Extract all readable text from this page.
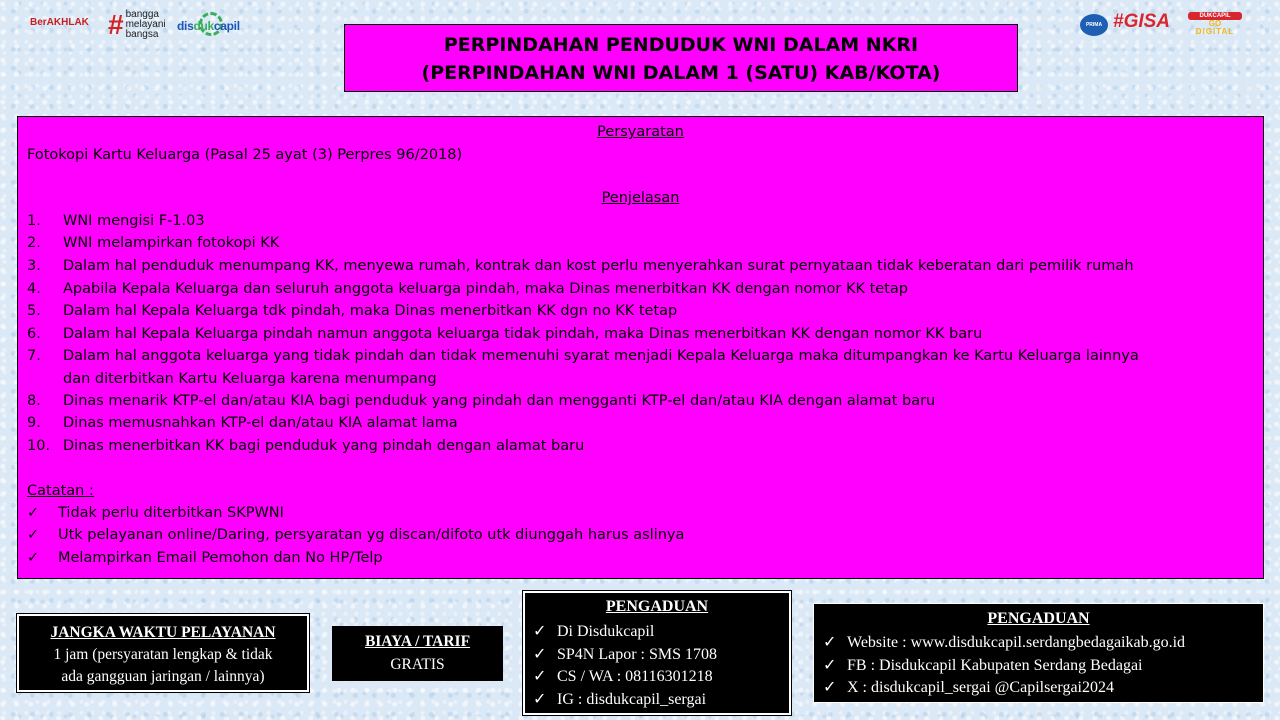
BerAKHLAK # bangga
melayani
bangsa
disdukcapil	PRIMA #GISA	DUKCAPIL
GO
DIGITAL
PERPINDAHAN PENDUDUK WNI DALAM NKRI
(PERPINDAHAN WNI DALAM 1 (SATU) KAB/KOTA)
Persyaratan
Fotokopi Kartu Keluarga (Pasal 25 ayat (3) Perpres 96/2018)
Penjelasan
1. WNI mengisi F-1.03
2. WNI melampirkan fotokopi KK
3. Dalam hal penduduk menumpang KK, menyewa rumah, kontrak dan kost perlu menyerahkan surat pernyataan tidak keberatan dari pemilik rumah
4. Apabila Kepala Keluarga dan seluruh anggota keluarga pindah, maka Dinas menerbitkan KK dengan nomor KK tetap
5. Dalam hal Kepala Keluarga tdk pindah, maka Dinas menerbitkan KK dgn no KK tetap
6. Dalam hal Kepala Keluarga pindah namun anggota keluarga tidak pindah, maka Dinas menerbitkan KK dengan nomor KK baru
7. Dalam hal anggota keluarga yang tidak pindah dan tidak memenuhi syarat menjadi Kepala Keluarga maka ditumpangkan ke Kartu Keluarga lainnya
dan diterbitkan Kartu Keluarga karena menumpang
8. Dinas menarik KTP-el dan/atau KIA bagi penduduk yang pindah dan mengganti KTP-el dan/atau KIA dengan alamat baru
9. Dinas memusnahkan KTP-el dan/atau KIA alamat lama
10. Dinas menerbitkan KK bagi penduduk yang pindah dengan alamat baru
Catatan :
✓ Tidak perlu diterbitkan SKPWNI
✓ Utk pelayanan online/Daring, persyaratan yg discan/difoto utk diunggah harus aslinya
✓ Melampirkan Email Pemohon dan No HP/Telp
JANGKA WAKTU PELAYANAN
1 jam (persyaratan lengkap & tidak
ada gangguan jaringan / lainnya)
BIAYA / TARIF
GRATIS
PENGADUAN
✓ Di Disdukcapil
✓ SP4N Lapor : SMS 1708
✓ CS / WA : 08116301218
✓ IG : disdukcapil_sergai
PENGADUAN
✓ Website : www.disdukcapil.serdangbedagaikab.go.id
✓ FB : Disdukcapil Kabupaten Serdang Bedagai
✓ X : disdukcapil_sergai @Capilsergai2024
